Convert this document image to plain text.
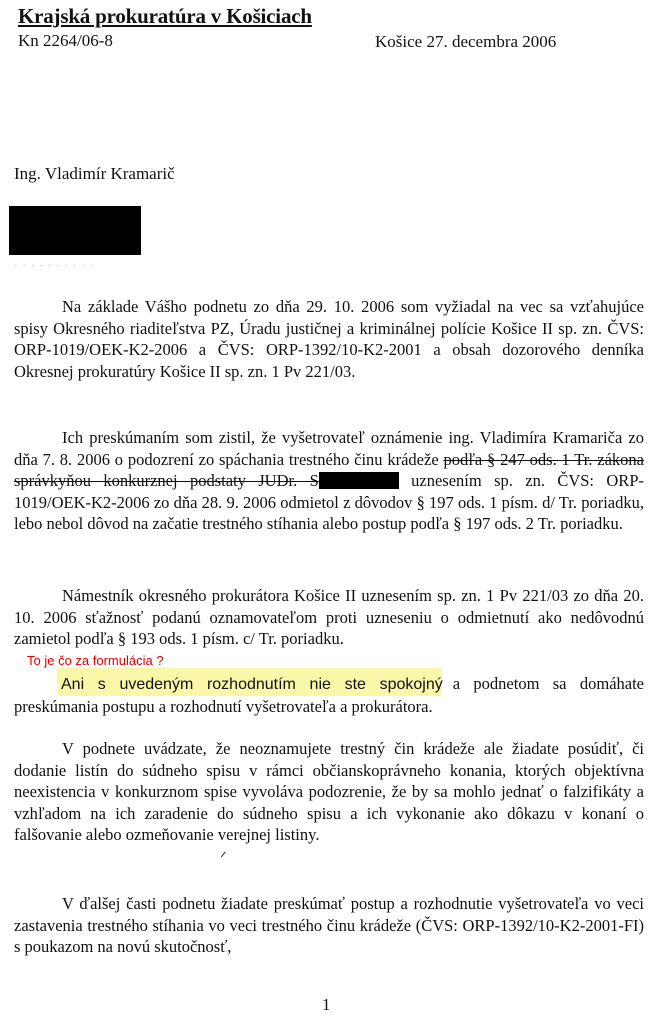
Krajská prokuratúra v Košiciach
Kn 2264/06-8	Košice 27. decembra 2006
Ing. Vladimír Kramarič
· · · · · · · · · ·

Na základe Vášho podnetu zo dňa 29. 10. 2006 som vyžiadal na vec sa vzťahujúce spisy Okresného riaditeľstva PZ, Úradu justičnej a kriminálnej polície Košice II sp. zn. ČVS: ORP-1019/OEK-K2-2006 a ČVS: ORP-1392/10-K2-2001 a obsah dozorového denníka Okresnej prokuratúry Košice II sp. zn. 1 Pv 221/03.

Ich preskúmaním som zistil, že vyšetrovateľ oznámenie ing. Vladimíra Kramariča zo dňa 7. 8. 2006 o podozrení zo spáchania trestného činu krádeže podľa § 247 ods. 1 Tr. zákona správkyňou konkurznej podstaty JUDr. S	uznesením sp. zn. ČVS: ORP-1019/OEK-K2-2006 zo dňa 28. 9. 2006 odmietol z dôvodov § 197 ods. 1 písm. d/ Tr. poriadku, lebo nebol dôvod na začatie trestného stíhania alebo postup podľa § 197 ods. 2 Tr. poriadku.

Námestník okresného prokurátora Košice II uznesením sp. zn. 1 Pv 221/03 zo dňa 20. 10. 2006 sťažnosť podanú oznamovateľom proti uzneseniu o odmietnutí ako nedôvodnú zamietol podľa § 193 ods. 1 písm. c/ Tr. poriadku.

To je čo za formulácia ?

Ani s uvedeným rozhodnutím nie ste spokojný a podnetom sa domáhate preskúmania postupu a rozhodnutí vyšetrovateľa a prokurátora.

V podnete uvádzate, že neoznamujete trestný čin krádeže ale žiadate posúdiť, či dodanie listín do súdneho spisu v rámci občianskoprávneho konania, ktorých objektívna neexistencia v konkurznom spise vyvoláva podozrenie, že by sa mohlo jednať o falzifikáty a vzhľadom na ich zaradenie do súdneho spisu a ich vykonanie ako dôkazu v konaní o falšovanie alebo ozmeňovanie verejnej listiny.

ᐟ

V ďalšej časti podnetu žiadate preskúmať postup a rozhodnutie vyšetrovateľa vo veci zastavenia trestného stíhania vo veci trestného činu krádeže (ČVS: ORP-1392/10-K2-2001-FI) s poukazom na novú skutočnosť,

1
